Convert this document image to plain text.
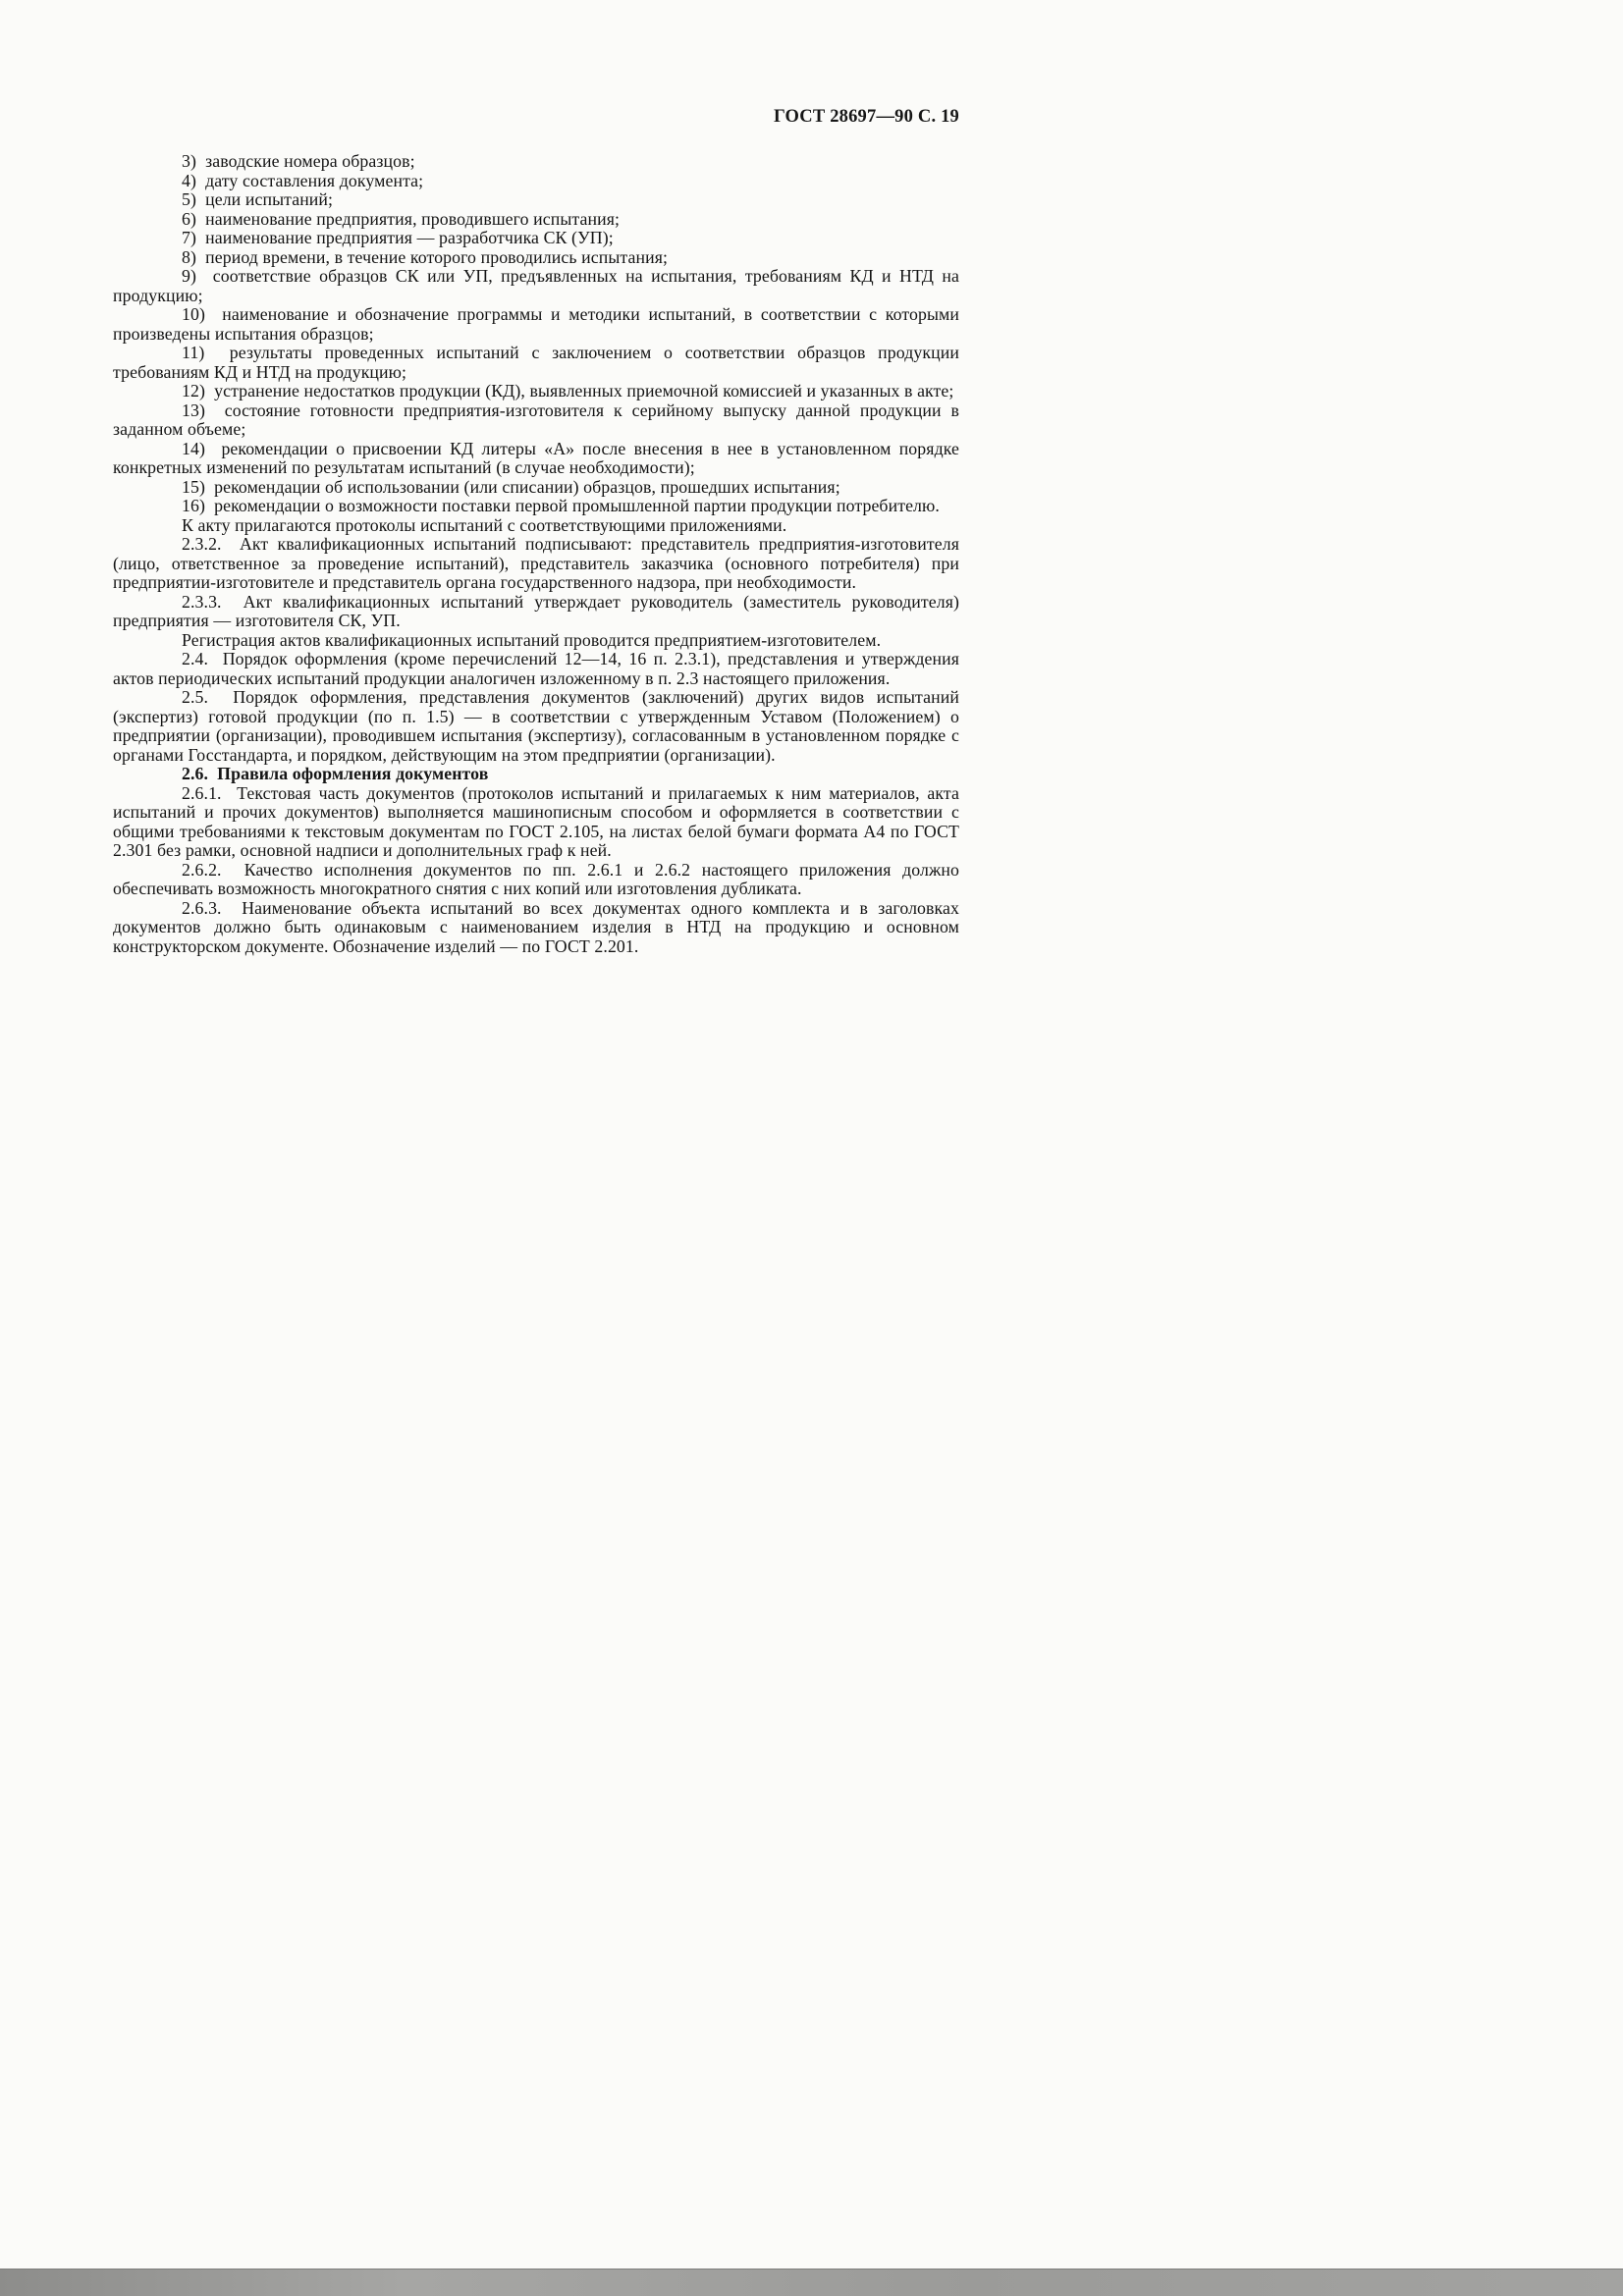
ГОСТ 28697—90 С. 19

3)  заводские номера образцов;

4)  дату составления документа;

5)  цели испытаний;

6)  наименование предприятия, проводившего испытания;

7)  наименование предприятия — разработчика СК (УП);

8)  период времени, в течение которого проводились испытания;

9)  соответствие образцов СК или УП, предъявленных на испытания, требованиям КД и НТД на продукцию;

10)  наименование и обозначение программы и методики испытаний, в соответствии с которыми произведены испытания образцов;

11)  результаты проведенных испытаний с заключением о соответствии образцов продукции требованиям КД и НТД на продукцию;

12)  устранение недостатков продукции (КД), выявленных приемочной комиссией и указанных в акте;

13)  состояние готовности предприятия-изготовителя к серийному выпуску данной продукции в заданном объеме;

14)  рекомендации о присвоении КД литеры «А» после внесения в нее в установленном порядке конкретных изменений по результатам испытаний (в случае необходимости);

15)  рекомендации об использовании (или списании) образцов, прошедших испытания;

16)  рекомендации о возможности поставки первой промышленной партии продукции потребителю.

К акту прилагаются протоколы испытаний с соответствующими приложениями.

2.3.2.  Акт квалификационных испытаний подписывают: представитель предприятия-изготовителя (лицо, ответственное за проведение испытаний), представитель заказчика (основного потребителя) при предприятии-изготовителе и представитель органа государственного надзора, при необходимости.

2.3.3.  Акт квалификационных испытаний утверждает руководитель (заместитель руководителя) предприятия — изготовителя СК, УП.

Регистрация актов квалификационных испытаний проводится предприятием-изготовителем.

2.4.  Порядок оформления (кроме перечислений 12—14, 16 п. 2.3.1), представления и утверждения актов периодических испытаний продукции аналогичен изложенному в п. 2.3 настоящего приложения.

2.5.  Порядок оформления, представления документов (заключений) других видов испытаний (экспертиз) готовой продукции (по п. 1.5) — в соответствии с утвержденным Уставом (Положением) о предприятии (организации), проводившем испытания (экспертизу), согласованным в установленном порядке с органами Госстандарта, и порядком, действующим на этом предприятии (организации).

2.6.  Правила оформления документов

2.6.1.  Текстовая часть документов (протоколов испытаний и прилагаемых к ним материалов, акта испытаний и прочих документов) выполняется машинописным способом и оформляется в соответствии с общими требованиями к текстовым документам по ГОСТ 2.105, на листах белой бумаги формата А4 по ГОСТ 2.301 без рамки, основной надписи и дополнительных граф к ней.

2.6.2.  Качество исполнения документов по пп. 2.6.1 и 2.6.2 настоящего приложения должно обеспечивать возможность многократного снятия с них копий или изготовления дубликата.

2.6.3.  Наименование объекта испытаний во всех документах одного комплекта и в заголовках документов должно быть одинаковым с наименованием изделия в НТД на продукцию и основном конструкторском документе. Обозначение изделий — по ГОСТ 2.201.
